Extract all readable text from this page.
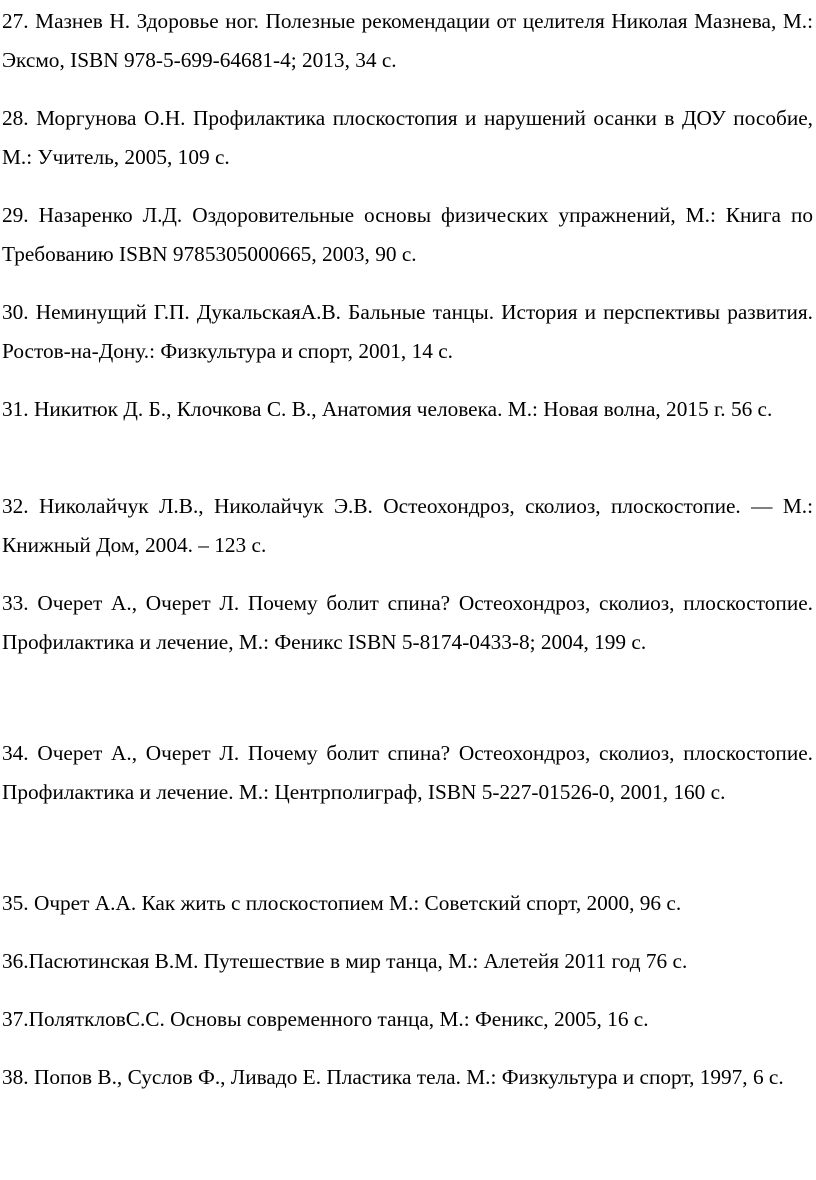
27. Мазнев Н. Здоровье ног. Полезные рекомендации от целителя Николая Мазнева, М.: Эксмо, ISBN 978-5-699-64681-4; 2013, 34 с.

28. Моргунова О.Н. Профилактика плоскостопия и нарушений осанки в ДОУ пособие, М.: Учитель, 2005, 109 с.

29. Назаренко Л.Д. Оздоровительные основы физических упражнений, М.: Книга по Требованию ISBN 9785305000665, 2003, 90 с.

30. Неминущий Г.П. ДукальскаяА.В. Бальные танцы. История и перспективы развития. Ростов-на-Дону.: Физкультура и спорт, 2001, 14 с.

31. Никитюк Д. Б., Клочкова С. В., Анатомия человека. М.: Новая волна, 2015 г. 56 с.

32. Николайчук Л.В., Николайчук Э.В. Остеохондроз, сколиоз, плоскостопие. — М.: Книжный Дом, 2004. – 123 с.

33. Очерет А., Очерет Л. Почему болит спина? Остеохондроз, сколиоз, плоскостопие. Профилактика и лечение, М.: Феникс ISBN 5-8174-0433-8; 2004, 199 с.

34. Очерет А., Очерет Л. Почему болит спина? Остеохондроз, сколиоз, плоскостопие. Профилактика и лечение. М.: Центрполиграф, ISBN 5-227-01526-0, 2001, 160 с.

35. Очрет А.А. Как жить с плоскостопием М.: Советский спорт, 2000, 96 с.

36.Пасютинская В.М. Путешествие в мир танца, М.: Алетейя 2011 год 76 с.

37.ПоляткловС.С. Основы современного танца, М.: Феникс, 2005, 16 с.

38. Попов В., Суслов Ф., Ливадо Е. Пластика тела. М.: Физкультура и спорт, 1997, 6 с.
